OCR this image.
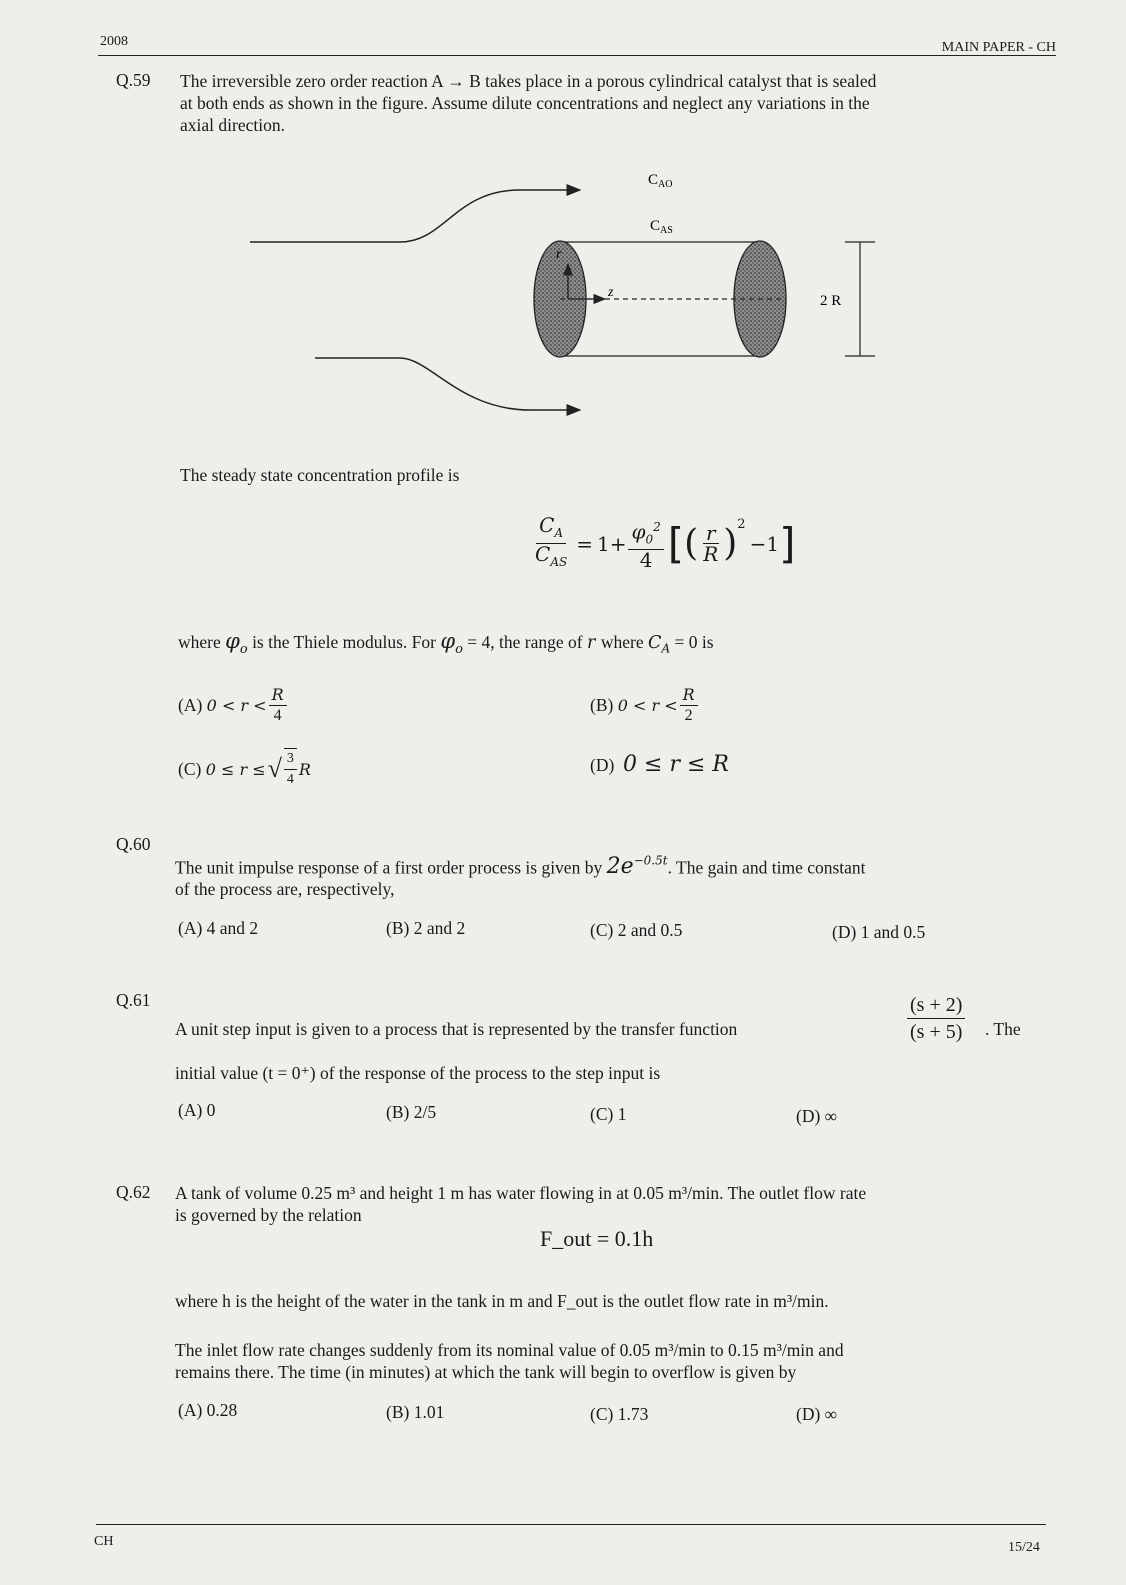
2008	MAIN PAPER - CH
Q.59 The irreversible zero order reaction A → B takes place in a porous cylindrical catalyst that is sealed
at both ends as shown in the figure. Assume dilute concentrations and neglect any variations in the
axial direction.
$C_{AO}$
$C_{AS}$
r
z
2 R
The steady state concentration profile is
$\frac{C_A}{C_{AS}} = 1+ \frac{\varphi_0^2}{4}$ [ ( $\frac{r}{R} )^2$
−1 ]
where $\varphi_o$ is the Thiele modulus. For $\varphi_o = 4$, the range of r where $C_A = 0$ is
(A)
$0 < r < \frac{R}{4}$	(B)
$0 < r < \frac{R}{2}$
(C)
0 ≤ r ≤ √ $\frac{3}{4}$ R	(D) 0 ≤ r ≤ R
Q.60
The unit impulse response of a first order process is given by $2e^{-0.5t}$. The gain and time constant
of the process are, respectively,
(A) 4 and 2	(B) 2 and 2	(C) 2 and 0.5	(D) 1 and 0.5
Q.61
A unit step input is given to a process that is represented by the transfer function	$\frac{(s + 2)}{(s + 5)}$ . The
initial value (t = 0⁺) of the response of the process to the step input is
(A) 0	(B) 2/5	(C) 1	(D) ∞
Q.62 A tank of volume 0.25 m³ and height 1 m has water flowing in at 0.05 m³/min. The outlet flow rate
is governed by the relation
F_out = 0.1h
where h is the height of the water in the tank in m and F_out is the outlet flow rate in m³/min.
The inlet flow rate changes suddenly from its nominal value of 0.05 m³/min to 0.15 m³/min and
remains there. The time (in minutes) at which the tank will begin to overflow is given by
(A) 0.28	(B) 1.01	(C) 1.73	(D) ∞
CH	15/24
